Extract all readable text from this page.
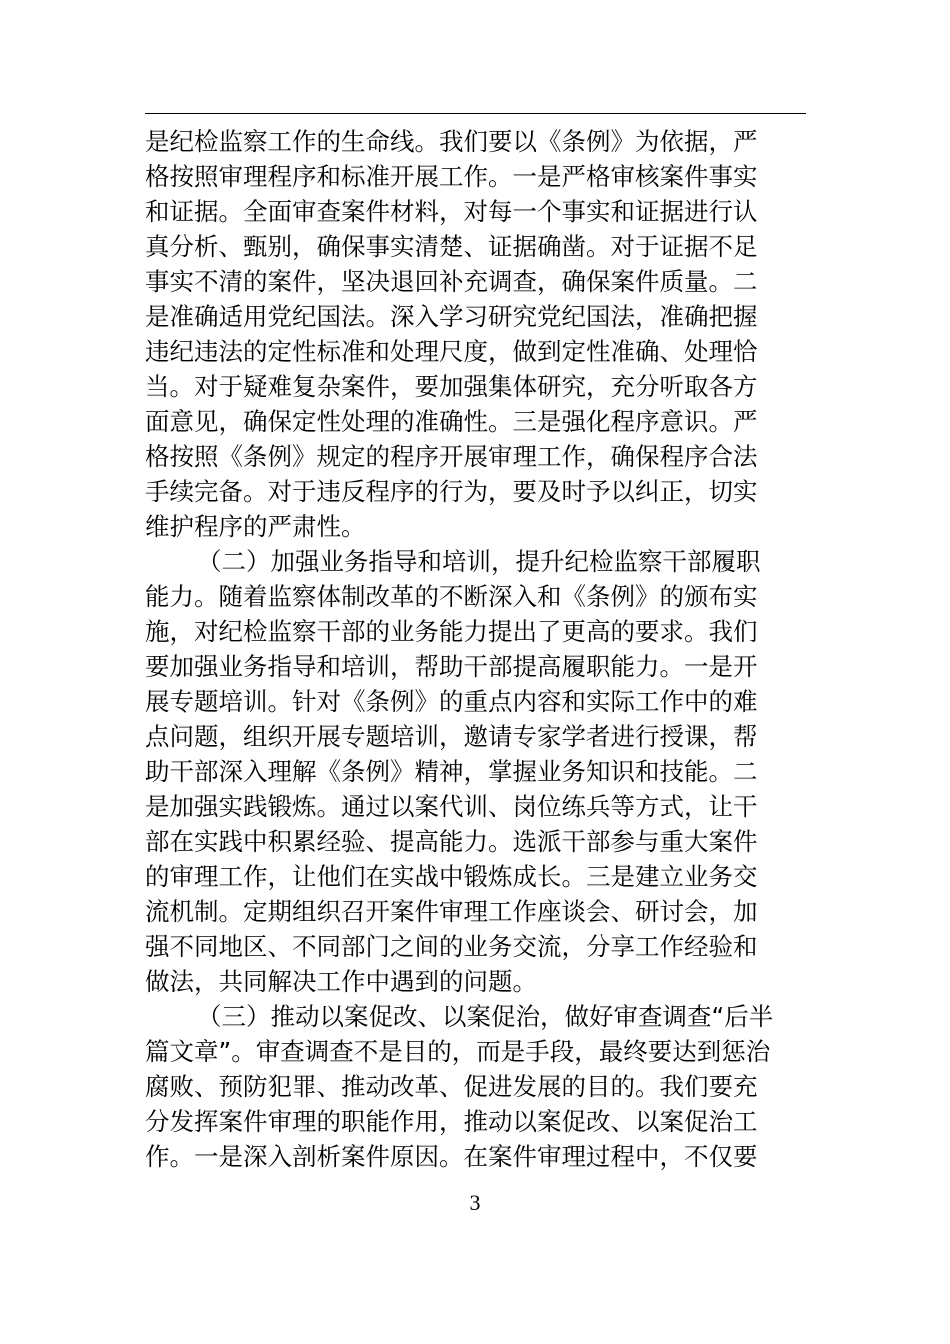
是纪检监察工作的生命线。我们要以《条例》为依据，严
格按照审理程序和标准开展工作。一是严格审核案件事实
和证据。全面审查案件材料，对每一个事实和证据进行认
真分析、甄别，确保事实清楚、证据确凿。对于证据不足
事实不清的案件，坚决退回补充调查，确保案件质量。二
是准确适用党纪国法。深入学习研究党纪国法，准确把握
违纪违法的定性标准和处理尺度，做到定性准确、处理恰
当。对于疑难复杂案件，要加强集体研究，充分听取各方
面意见，确保定性处理的准确性。三是强化程序意识。严
格按照《条例》规定的程序开展审理工作，确保程序合法
手续完备。对于违反程序的行为，要及时予以纠正，切实
维护程序的严肃性。
（二）加强业务指导和培训，提升纪检监察干部履职
能力。随着监察体制改革的不断深入和《条例》的颁布实
施，对纪检监察干部的业务能力提出了更高的要求。我们
要加强业务指导和培训，帮助干部提高履职能力。一是开
展专题培训。针对《条例》的重点内容和实际工作中的难
点问题，组织开展专题培训，邀请专家学者进行授课，帮
助干部深入理解《条例》精神，掌握业务知识和技能。二
是加强实践锻炼。通过以案代训、岗位练兵等方式，让干
部在实践中积累经验、提高能力。选派干部参与重大案件
的审理工作，让他们在实战中锻炼成长。三是建立业务交
流机制。定期组织召开案件审理工作座谈会、研讨会，加
强不同地区、不同部门之间的业务交流，分享工作经验和
做法，共同解决工作中遇到的问题。
（三）推动以案促改、以案促治，做好审查调查“后半
篇文章”。审查调查不是目的，而是手段，最终要达到惩治
腐败、预防犯罪、推动改革、促进发展的目的。我们要充
分发挥案件审理的职能作用，推动以案促改、以案促治工
作。一是深入剖析案件原因。在案件审理过程中，不仅要
3
